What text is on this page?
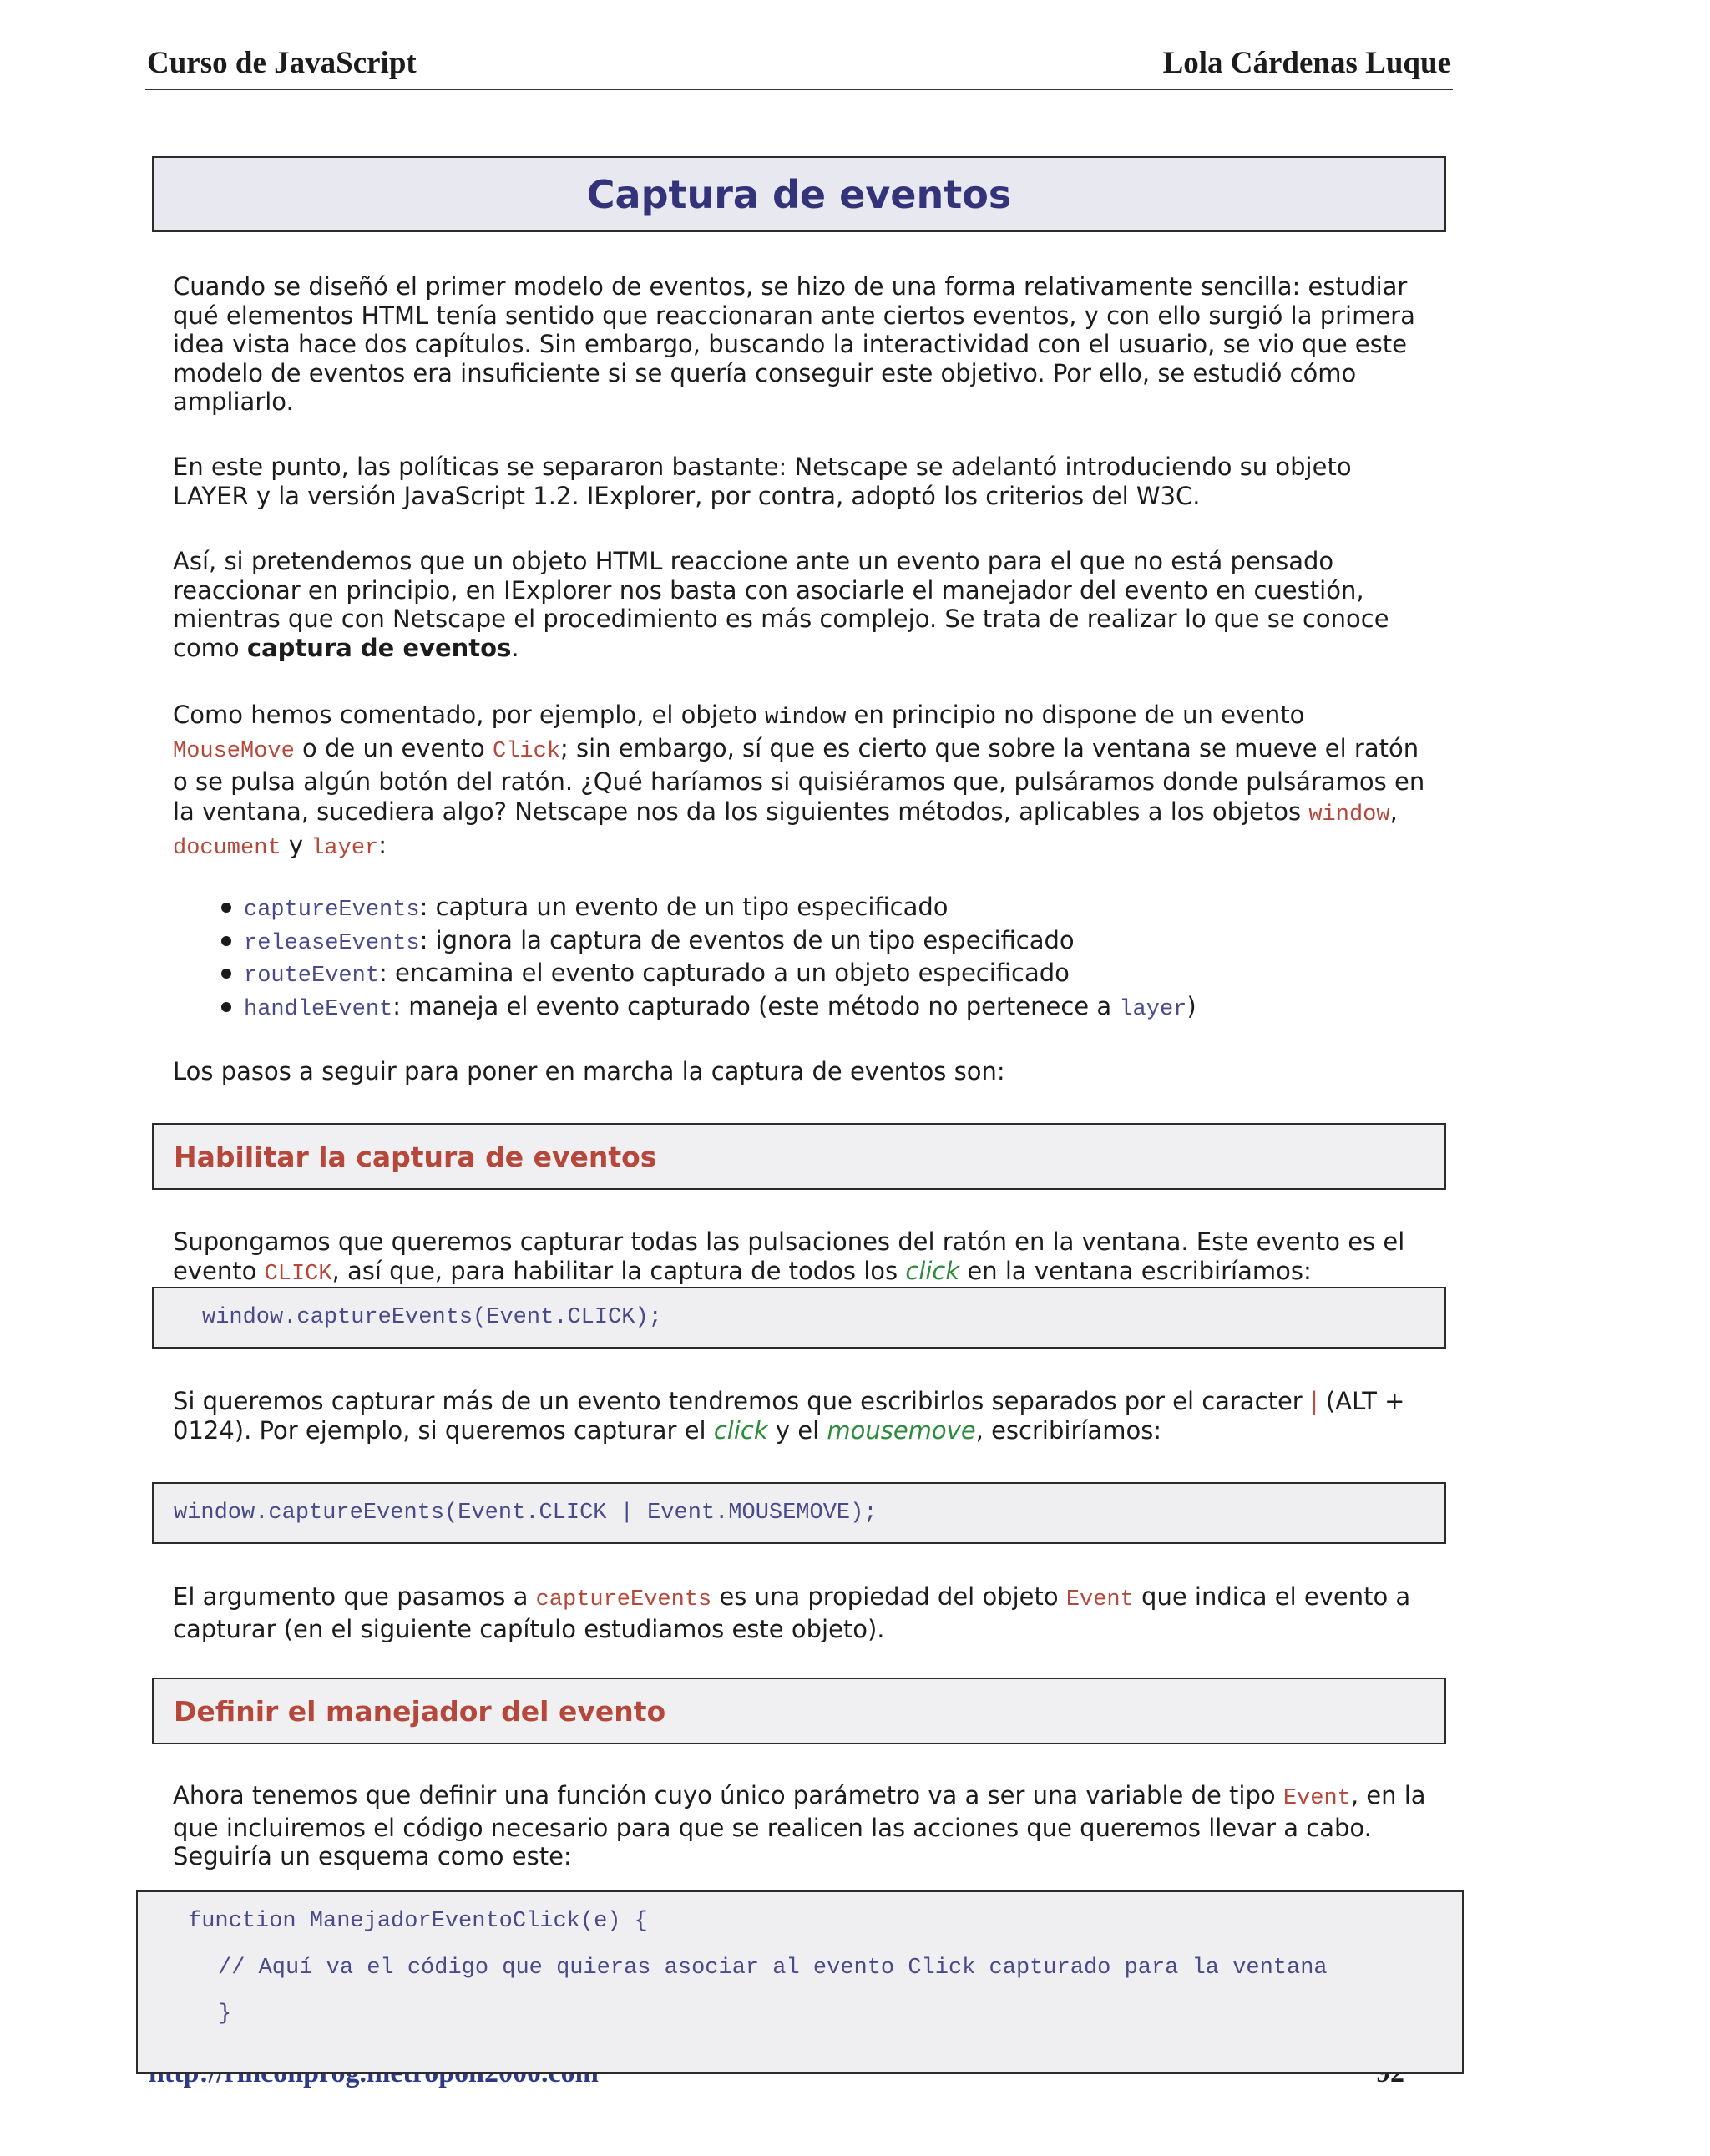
Curso de JavaScript	Lola Cárdenas Luque
Captura de eventos

Cuando se diseñó el primer modelo de eventos, se hizo de una forma relativamente sencilla: estudiar qué elementos HTML tenía sentido que reaccionaran ante ciertos eventos, y con ello surgió la primera idea vista hace dos capítulos. Sin embargo, buscando la interactividad con el usuario, se vio que este modelo de eventos era insuficiente si se quería conseguir este objetivo. Por ello, se estudió cómo ampliarlo.

En este punto, las políticas se separaron bastante: Netscape se adelantó introduciendo su objeto LAYER y la versión JavaScript 1.2. IExplorer, por contra, adoptó los criterios del W3C.

Así, si pretendemos que un objeto HTML reaccione ante un evento para el que no está pensado reaccionar en principio, en IExplorer nos basta con asociarle el manejador del evento en cuestión, mientras que con Netscape el procedimiento es más complejo. Se trata de realizar lo que se conoce como captura de eventos.

Como hemos comentado, por ejemplo, el objeto window en principio no dispone de un evento MouseMove o de un evento Click; sin embargo, sí que es cierto que sobre la ventana se mueve el ratón o se pulsa algún botón del ratón. ¿Qué haríamos si quisiéramos que, pulsáramos donde pulsáramos en la ventana, sucediera algo? Netscape nos da los siguientes métodos, aplicables a los objetos window, document y layer:

captureEvents: captura un evento de un tipo especificado
releaseEvents: ignora la captura de eventos de un tipo especificado
routeEvent: encamina el evento capturado a un objeto especificado
handleEvent: maneja el evento capturado (este método no pertenece a layer)

Los pasos a seguir para poner en marcha la captura de eventos son:

Habilitar la captura de eventos

Supongamos que queremos capturar todas las pulsaciones del ratón en la ventana. Este evento es el evento CLICK, así que, para habilitar la captura de todos los click en la ventana escribiríamos:

window.captureEvents(Event.CLICK);

Si queremos capturar más de un evento tendremos que escribirlos separados por el caracter | (ALT + 0124). Por ejemplo, si queremos capturar el click y el mousemove, escribiríamos:

window.captureEvents(Event.CLICK | Event.MOUSEMOVE);

El argumento que pasamos a captureEvents es una propiedad del objeto Event que indica el evento a capturar (en el siguiente capítulo estudiamos este objeto).

Definir el manejador del evento

Ahora tenemos que definir una función cuyo único parámetro va a ser una variable de tipo Event, en la que incluiremos el código necesario para que se realicen las acciones que queremos llevar a cabo. Seguiría un esquema como este:

function ManejadorEventoClick(e) {

// Aquí va el código que quieras asociar al evento Click capturado para la ventana

}
